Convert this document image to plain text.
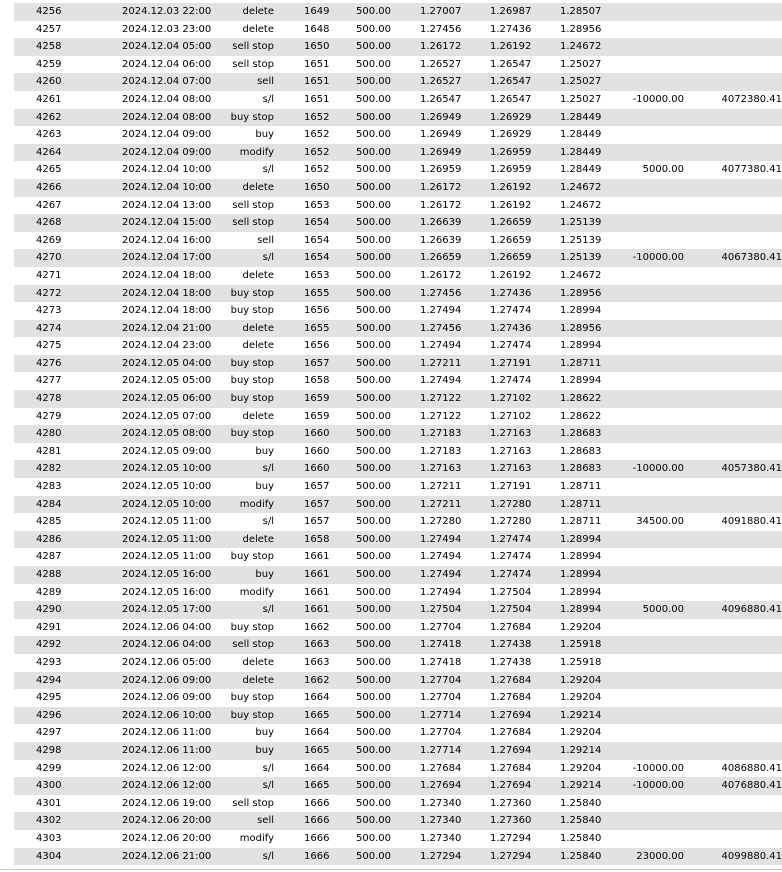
4256	2024.12.03 22:00	delete	1649	500.00	1.27007	1.26987	1.28507
4257	2024.12.03 23:00	delete	1648	500.00	1.27456	1.27436	1.28956
4258	2024.12.04 05:00	sell stop	1650	500.00	1.26172	1.26192	1.24672
4259	2024.12.04 06:00	sell stop	1651	500.00	1.26527	1.26547	1.25027
4260	2024.12.04 07:00	sell	1651	500.00	1.26527	1.26547	1.25027
4261	2024.12.04 08:00	s/l	1651	500.00	1.26547	1.26547	1.25027	-10000.00	4072380.41
4262	2024.12.04 08:00	buy stop	1652	500.00	1.26949	1.26929	1.28449
4263	2024.12.04 09:00	buy	1652	500.00	1.26949	1.26929	1.28449
4264	2024.12.04 09:00	modify	1652	500.00	1.26949	1.26959	1.28449
4265	2024.12.04 10:00	s/l	1652	500.00	1.26959	1.26959	1.28449	5000.00	4077380.41
4266	2024.12.04 10:00	delete	1650	500.00	1.26172	1.26192	1.24672
4267	2024.12.04 13:00	sell stop	1653	500.00	1.26172	1.26192	1.24672
4268	2024.12.04 15:00	sell stop	1654	500.00	1.26639	1.26659	1.25139
4269	2024.12.04 16:00	sell	1654	500.00	1.26639	1.26659	1.25139
4270	2024.12.04 17:00	s/l	1654	500.00	1.26659	1.26659	1.25139	-10000.00	4067380.41
4271	2024.12.04 18:00	delete	1653	500.00	1.26172	1.26192	1.24672
4272	2024.12.04 18:00	buy stop	1655	500.00	1.27456	1.27436	1.28956
4273	2024.12.04 18:00	buy stop	1656	500.00	1.27494	1.27474	1.28994
4274	2024.12.04 21:00	delete	1655	500.00	1.27456	1.27436	1.28956
4275	2024.12.04 23:00	delete	1656	500.00	1.27494	1.27474	1.28994
4276	2024.12.05 04:00	buy stop	1657	500.00	1.27211	1.27191	1.28711
4277	2024.12.05 05:00	buy stop	1658	500.00	1.27494	1.27474	1.28994
4278	2024.12.05 06:00	buy stop	1659	500.00	1.27122	1.27102	1.28622
4279	2024.12.05 07:00	delete	1659	500.00	1.27122	1.27102	1.28622
4280	2024.12.05 08:00	buy stop	1660	500.00	1.27183	1.27163	1.28683
4281	2024.12.05 09:00	buy	1660	500.00	1.27183	1.27163	1.28683
4282	2024.12.05 10:00	s/l	1660	500.00	1.27163	1.27163	1.28683	-10000.00	4057380.41
4283	2024.12.05 10:00	buy	1657	500.00	1.27211	1.27191	1.28711
4284	2024.12.05 10:00	modify	1657	500.00	1.27211	1.27280	1.28711
4285	2024.12.05 11:00	s/l	1657	500.00	1.27280	1.27280	1.28711	34500.00	4091880.41
4286	2024.12.05 11:00	delete	1658	500.00	1.27494	1.27474	1.28994
4287	2024.12.05 11:00	buy stop	1661	500.00	1.27494	1.27474	1.28994
4288	2024.12.05 16:00	buy	1661	500.00	1.27494	1.27474	1.28994
4289	2024.12.05 16:00	modify	1661	500.00	1.27494	1.27504	1.28994
4290	2024.12.05 17:00	s/l	1661	500.00	1.27504	1.27504	1.28994	5000.00	4096880.41
4291	2024.12.06 04:00	buy stop	1662	500.00	1.27704	1.27684	1.29204
4292	2024.12.06 04:00	sell stop	1663	500.00	1.27418	1.27438	1.25918
4293	2024.12.06 05:00	delete	1663	500.00	1.27418	1.27438	1.25918
4294	2024.12.06 09:00	delete	1662	500.00	1.27704	1.27684	1.29204
4295	2024.12.06 09:00	buy stop	1664	500.00	1.27704	1.27684	1.29204
4296	2024.12.06 10:00	buy stop	1665	500.00	1.27714	1.27694	1.29214
4297	2024.12.06 11:00	buy	1664	500.00	1.27704	1.27684	1.29204
4298	2024.12.06 11:00	buy	1665	500.00	1.27714	1.27694	1.29214
4299	2024.12.06 12:00	s/l	1664	500.00	1.27684	1.27684	1.29204	-10000.00	4086880.41
4300	2024.12.06 12:00	s/l	1665	500.00	1.27694	1.27694	1.29214	-10000.00	4076880.41
4301	2024.12.06 19:00	sell stop	1666	500.00	1.27340	1.27360	1.25840
4302	2024.12.06 20:00	sell	1666	500.00	1.27340	1.27360	1.25840
4303	2024.12.06 20:00	modify	1666	500.00	1.27340	1.27294	1.25840
4304	2024.12.06 21:00	s/l	1666	500.00	1.27294	1.27294	1.25840	23000.00	4099880.41
